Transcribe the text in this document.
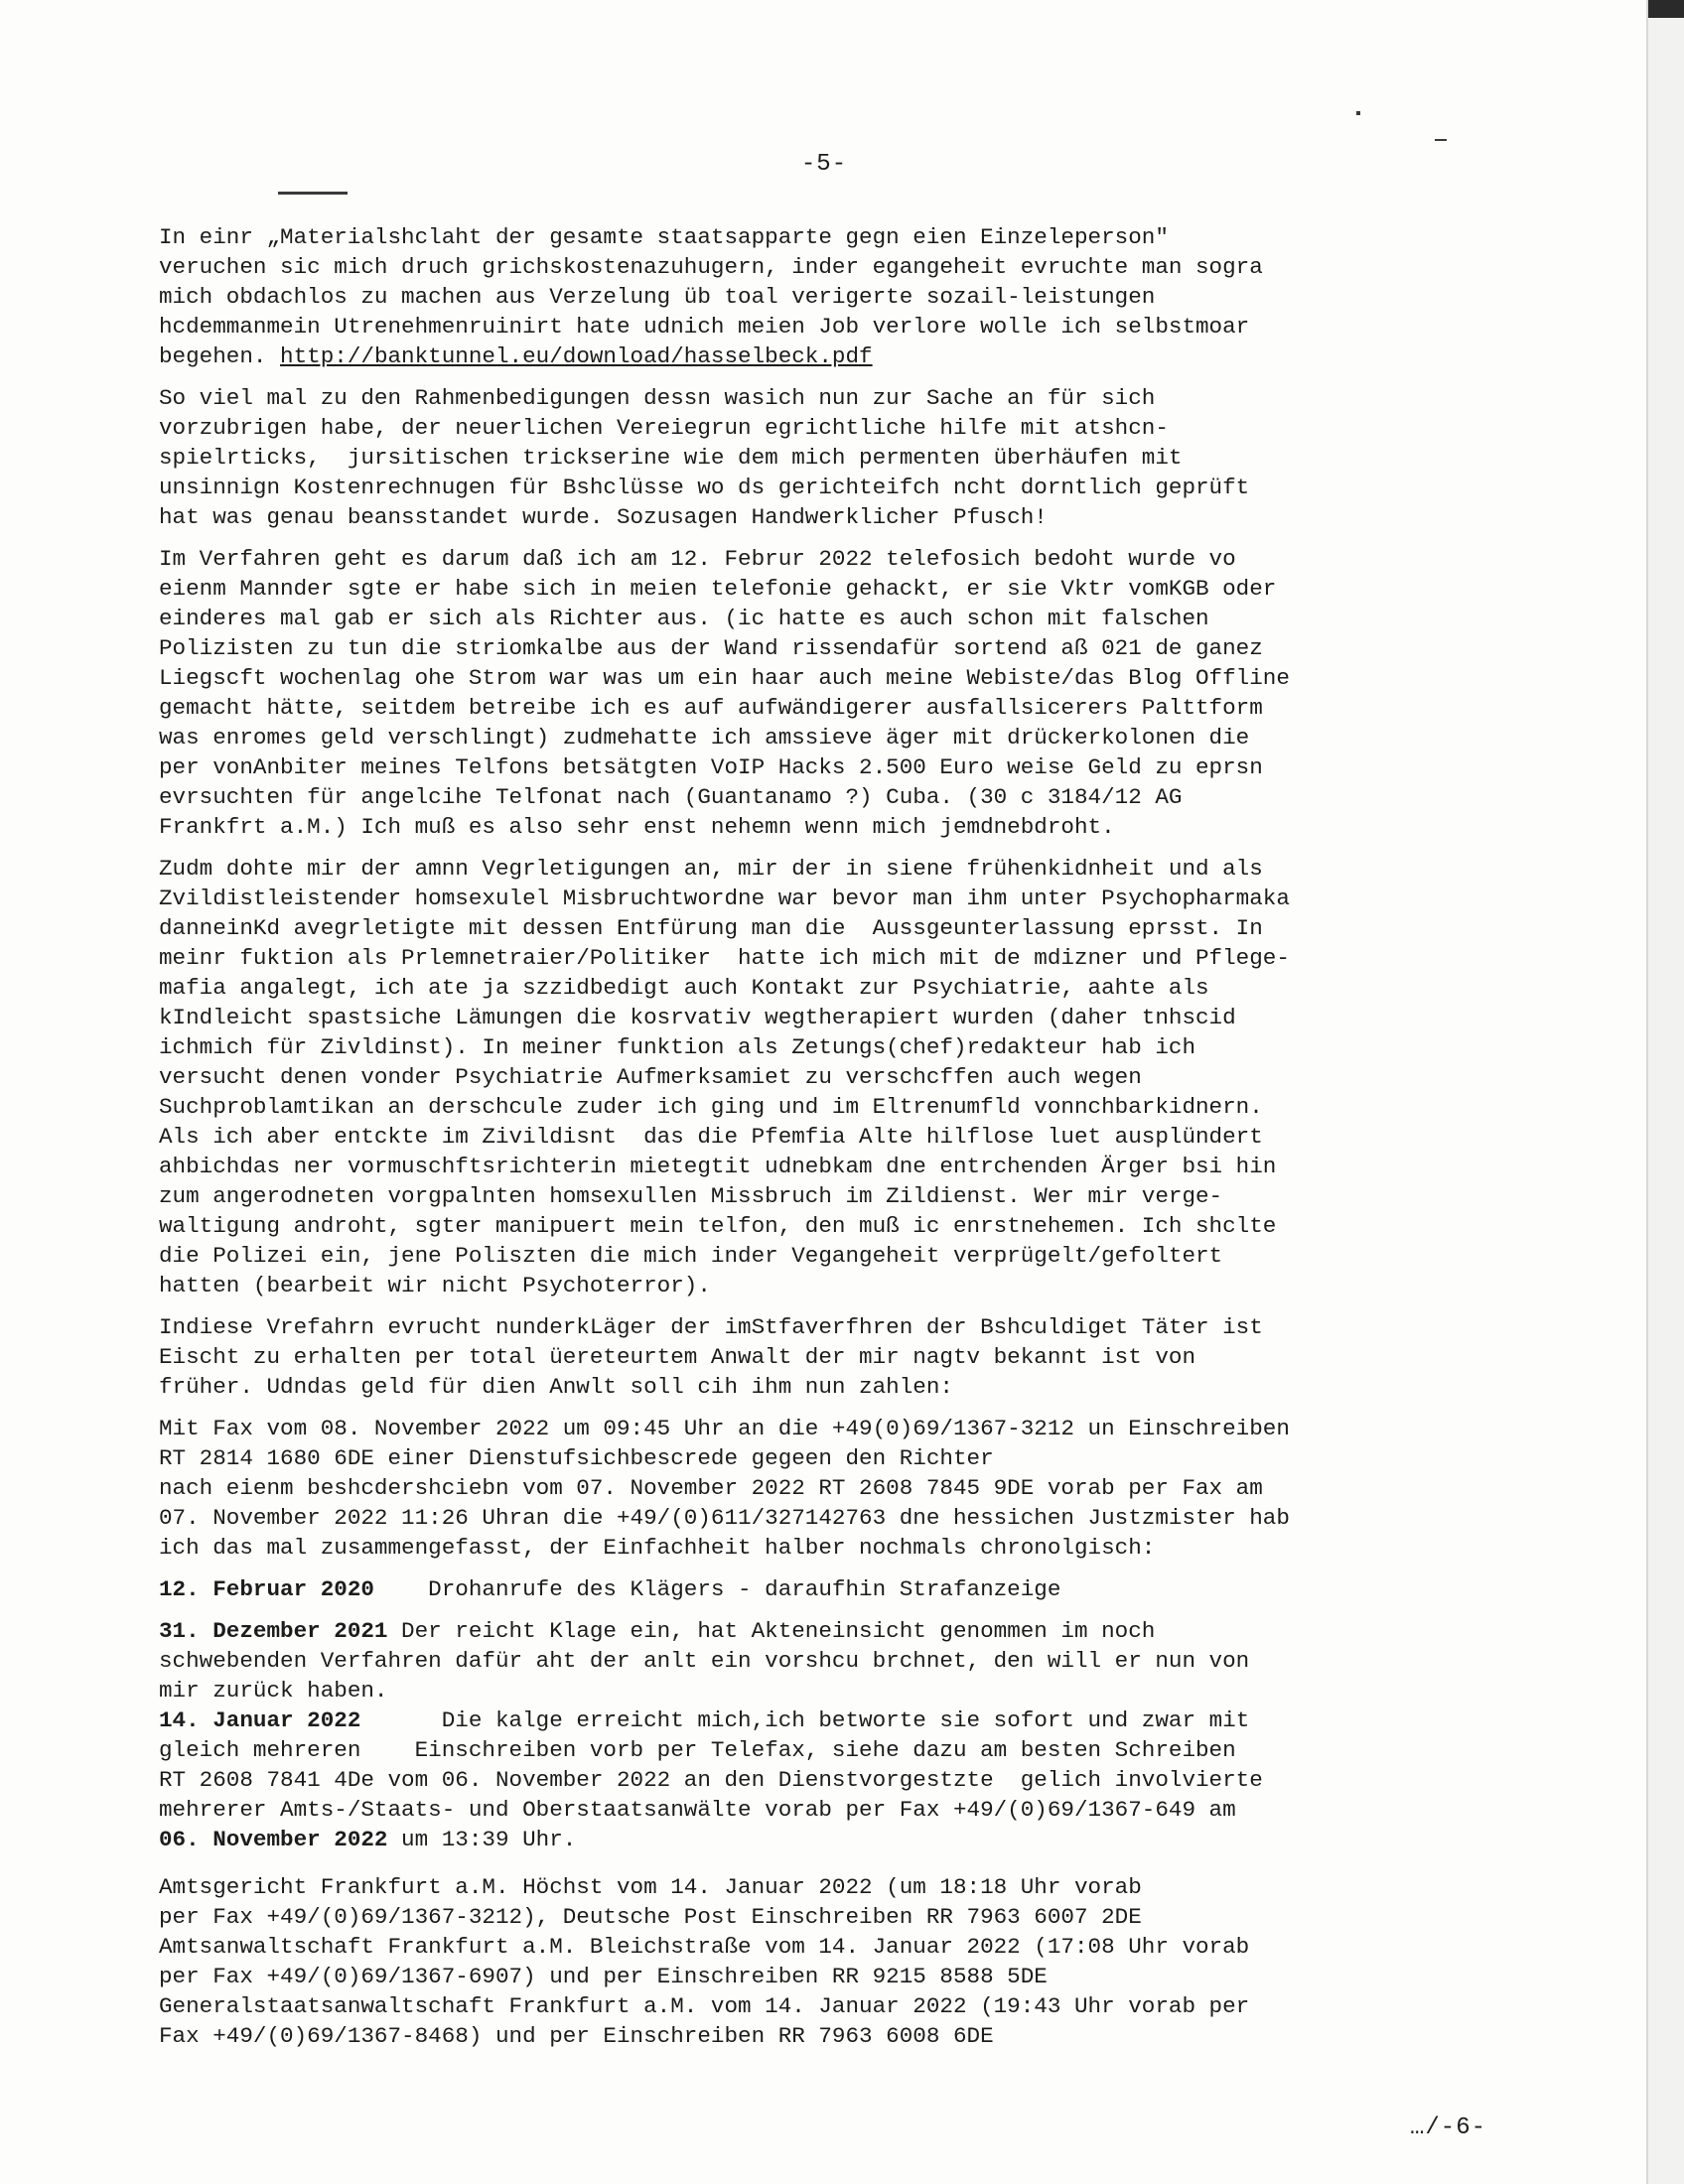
-5-
In einr „Materialshclaht der gesamte staatsapparte gegn eien Einzeleperson"
veruchen sic mich druch grichskostenazuhugern, inder egangeheit evruchte man sogra
mich obdachlos zu machen aus Verzelung üb toal verigerte sozail-leistungen
hcdemmanmein Utrenehmenruinirt hate udnich meien Job verlore wolle ich selbstmoar
begehen. http://banktunnel.eu/download/hasselbeck.pdf
So viel mal zu den Rahmenbedigungen dessn wasich nun zur Sache an für sich
vorzubrigen habe, der neuerlichen Vereiegrun egrichtliche hilfe mit atshcn-
spielrticks,  jursitischen trickserine wie dem mich permenten überhäufen mit
unsinnign Kostenrechnugen für Bshclüsse wo ds gerichteifch ncht dorntlich geprüft
hat was genau beansstandet wurde. Sozusagen Handwerklicher Pfusch!
Im Verfahren geht es darum daß ich am 12. Februr 2022 telefosich bedoht wurde vo
eienm Mannder sgte er habe sich in meien telefonie gehackt, er sie Vktr vomKGB oder
einderes mal gab er sich als Richter aus. (ic hatte es auch schon mit falschen
Polizisten zu tun die striomkalbe aus der Wand rissendafür sortend aß 021 de ganez
Liegscft wochenlag ohe Strom war was um ein haar auch meine Webiste/das Blog Offline
gemacht hätte, seitdem betreibe ich es auf aufwändigerer ausfallsicerers Palttform
was enromes geld verschlingt) zudmehatte ich amssieve äger mit drückerkolonen die
per vonAnbiter meines Telfons betsätgten VoIP Hacks 2.500 Euro weise Geld zu eprsn
evrsuchten für angelcihe Telfonat nach (Guantanamo ?) Cuba. (30 c 3184/12 AG
Frankfrt a.M.) Ich muß es also sehr enst nehemn wenn mich jemdnebdroht.
Zudm dohte mir der amnn Vegrletigungen an, mir der in siene frühenkidnheit und als
Zvildistleistender homsexulel Misbruchtwordne war bevor man ihm unter Psychopharmaka
danneinKd avegrletigte mit dessen Entfürung man die  Aussgeunterlassung eprsst. In
meinr fuktion als Prlemnetraier/Politiker  hatte ich mich mit de mdizner und Pflege-
mafia angalegt, ich ate ja szzidbedigt auch Kontakt zur Psychiatrie, aahte als
kIndleicht spastsiche Lämungen die kosrvativ wegtherapiert wurden (daher tnhscid
ichmich für Zivldinst). In meiner funktion als Zetungs(chef)redakteur hab ich
versucht denen vonder Psychiatrie Aufmerksamiet zu verschcffen auch wegen
Suchproblamtikan an derschcule zuder ich ging und im Eltrenumfld vonnchbarkidnern.
Als ich aber entckte im Zivildisnt  das die Pfemfia Alte hilflose luet ausplündert
ahbichdas ner vormuschftsrichterin mietegtit udnebkam dne entrchenden Ärger bsi hin
zum angerodneten vorgpalnten homsexullen Missbruch im Zildienst. Wer mir verge-
waltigung androht, sgter manipuert mein telfon, den muß ic enrstnehemen. Ich shclte
die Polizei ein, jene Poliszten die mich inder Vegangeheit verprügelt/gefoltert
hatten (bearbeit wir nicht Psychoterror).
Indiese Vrefahrn evrucht nunderkLäger der imStfaverfhren der Bshculdiget Täter ist
Eischt zu erhalten per total üereteurtem Anwalt der mir nagtv bekannt ist von
früher. Udndas geld für dien Anwlt soll cih ihm nun zahlen:
Mit Fax vom 08. November 2022 um 09:45 Uhr an die +49(0)69/1367-3212 un Einschreiben
RT 2814 1680 6DE einer Dienstufsichbescrede gegeen den Richter
nach eienm beshcdershcieb​n vom 07. November 2022 RT 2608 7845 9DE vorab per Fax am
07. November 2022 11:26 Uhran die +49/(0)611/327142763 dne hessichen Justzmister hab
ich das mal zusammengefasst, der Einfachheit halber nochmals chronolgisch:
12. Februar 2020    Drohanrufe des Klägers - daraufhin Strafanzeige
31. Dezember 2021 Der reicht Klage ein, hat Akteneinsicht genommen im noch
schwebenden Verfahren dafür aht der anlt ein vorshcu brchnet, den will er nun von
mir zurück haben.
14. Januar 2022	Die kalge erreicht mich,ich betworte sie sofort und zwar mit
gleich mehreren    Einschreiben vorb per Telefax, siehe dazu am besten Schreiben
RT 2608 7841 4De vom 06. November 2022 an den Dienstvorgestzte  gelich involvierte
mehrerer Amts-/Staats- und Oberstaatsanwälte vorab per Fax +49/(0)69/1367-649 am
06. November 2022 um 13:39 Uhr.
Amtsgericht Frankfurt a.M. Höchst vom 14. Januar 2022 (um 18:18 Uhr vorab
per Fax +49/(0)69/1367-3212), Deutsche Post Einschreiben RR 7963 6007 2DE
Amtsanwaltschaft Frankfurt a.M. Bleichstraße vom 14. Januar 2022 (17:08 Uhr vorab
per Fax +49/(0)69/1367-6907) und per Einschreiben RR 9215 8588 5DE
Generalstaatsanwaltschaft Frankfurt a.M. vom 14. Januar 2022 (19:43 Uhr vorab per
Fax +49/(0)69/1367-8468) und per Einschreiben RR 7963 6008 6DE
…/-6-
